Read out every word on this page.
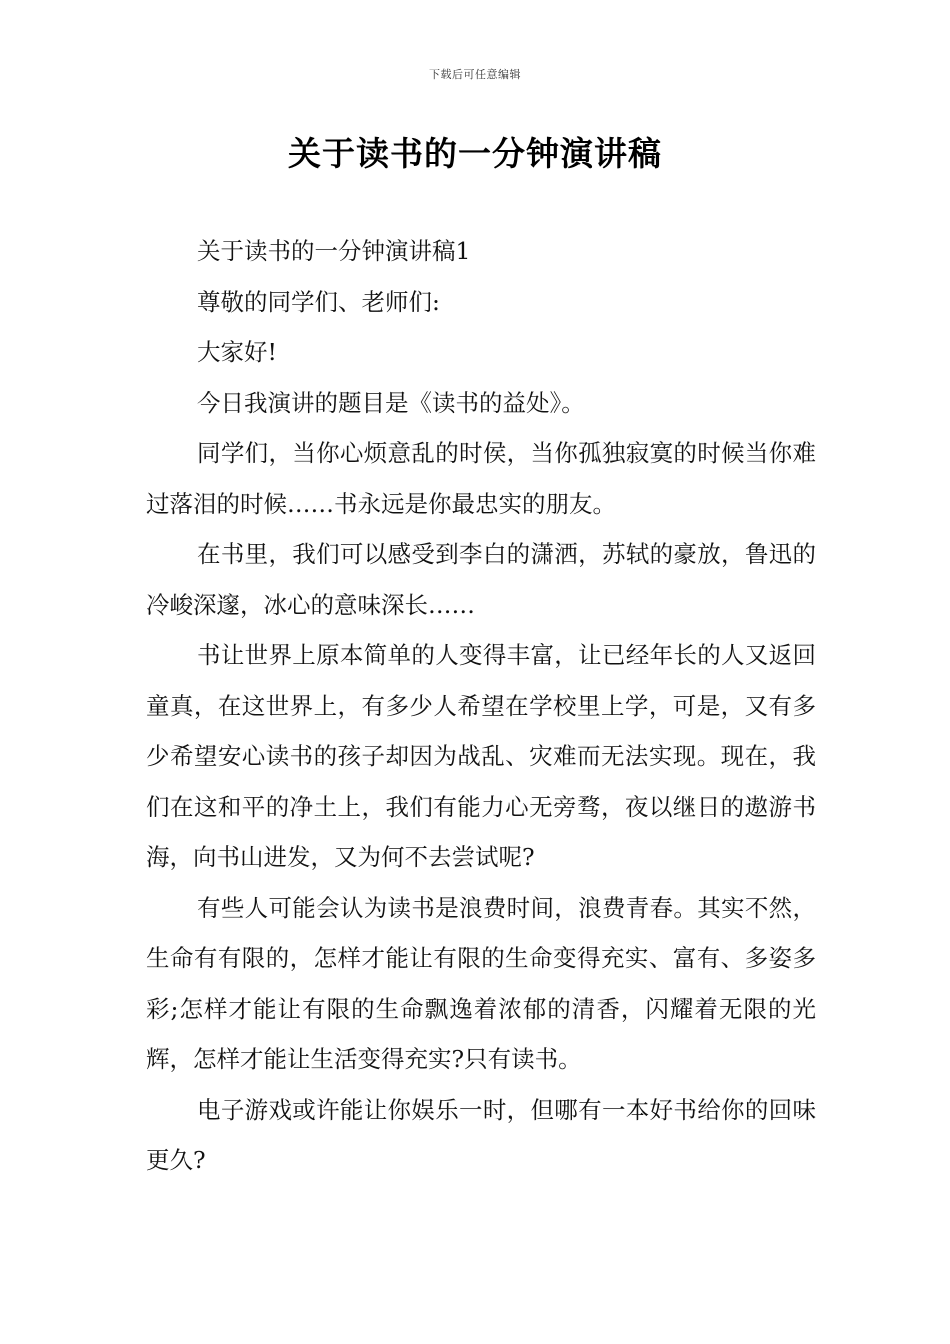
下载后可任意编辑
关于读书的一分钟演讲稿

关于读书的一分钟演讲稿1

尊敬的同学们、老师们:

大家好!

今日我演讲的题目是《读书的益处》。

同学们，当你心烦意乱的时侯，当你孤独寂寞的时候当你难过落泪的时候……书永远是你最忠实的朋友。

在书里，我们可以感受到李白的潇洒，苏轼的豪放，鲁迅的冷峻深邃，冰心的意味深长……

书让世界上原本简单的人变得丰富，让已经年长的人又返回童真，在这世界上，有多少人希望在学校里上学，可是，又有多少希望安心读书的孩子却因为战乱、灾难而无法实现。现在，我们在这和平的净土上，我们有能力心无旁骛，夜以继日的遨游书海，向书山进发，又为何不去尝试呢?

有些人可能会认为读书是浪费时间，浪费青春。其实不然，生命有有限的，怎样才能让有限的生命变得充实、富有、多姿多彩;怎样才能让有限的生命飘逸着浓郁的清香，闪耀着无限的光辉，怎样才能让生活变得充实?只有读书。

电子游戏或许能让你娱乐一时，但哪有一本好书给你的回味更久?
